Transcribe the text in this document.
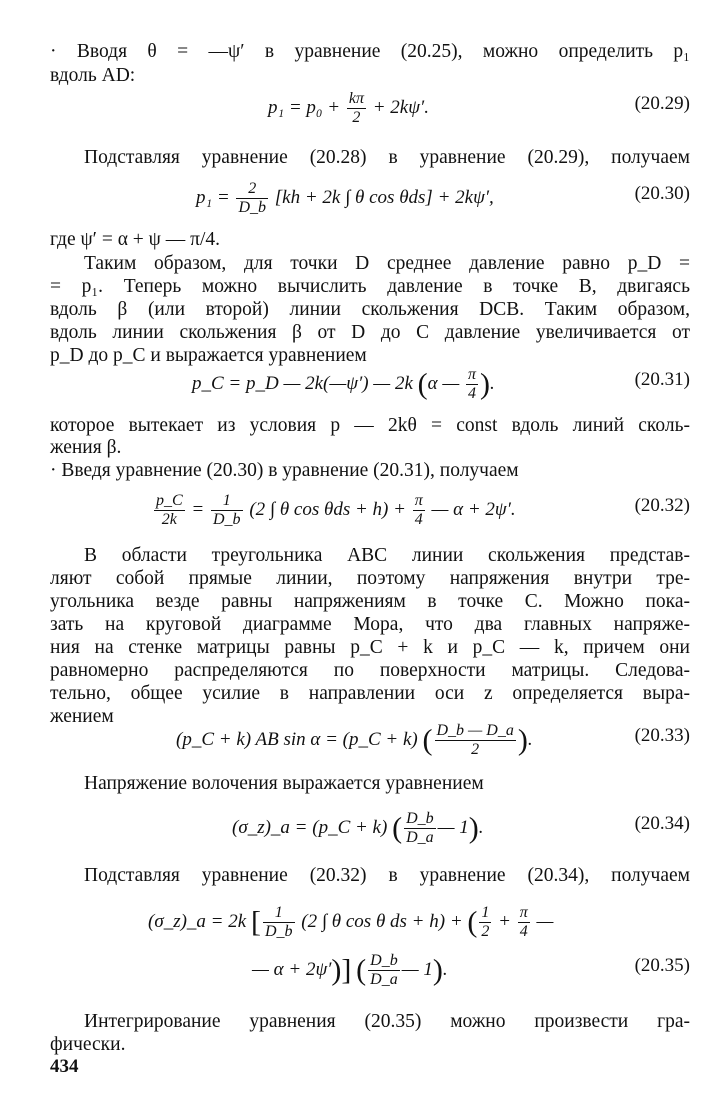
· Вводя θ = —ψ′ в уравнение (20.25), можно определить p₁
вдоль AD:
$p_1 = p_0 + \frac{k\pi}{2} + 2k\psi'$.	(20.29)
Подставляя уравнение (20.28) в уравнение (20.29), получаем
$p_1 = \frac{2}{D\_b} [kh + 2k$ ∫ θ cos θds] + 2kψ′,	(20.30)
где ψ′ = α + ψ — π/4.
Таким образом, для точки D среднее давление равно p_D =
= p₁. Теперь можно вычислить давление в точке B, двигаясь
вдоль β (или второй) линии скольжения DCB. Таким образом,
вдоль линии скольжения β от D до C давление увеличивается от
p_D до p_C и выражается уравнением
p_C = p_D — 2k(—ψ′) — 2k (α — $\frac{\pi}{4}$ ).	(20.31)
которое вытекает из условия p — 2kθ = const вдоль линий сколь-
жения β.
· Введя уравнение (20.30) в уравнение (20.31), получаем
$\frac{p\_C}{2k} = \frac{1}{D\_b} (2$ ∫ θ $\cos \theta ds + h) + \frac{\pi}{4}$ — α + 2ψ′.	(20.32)
В области треугольника ABC линии скольжения представ-
ляют собой прямые линии, поэтому напряжения внутри тре-
угольника везде равны напряжениям в точке C. Можно пока-
зать на круговой диаграмме Мора, что два главных напряже-
ния на стенке матрицы равны p_C + k и p_C — k, причем они
равномерно распределяются по поверхности матрицы. Следова-
тельно, общее усилие в направлении оси z определяется выра-
жением
(p_C + k) AB sin α = (p_C + k) ( $\frac{D\_b — D\_a}{2}$ ).	(20.33)
Напряжение волочения выражается уравнением
(σ_z)_a = (p_C + k) ( $\frac{D\_b}{D\_a}$ — 1).	(20.34)
Подставляя уравнение (20.32) в уравнение (20.34), получаем
(σ_z)_a = 2k [ $\frac{1}{D\_b} (2$ ∫ θ cos θ ds + h) + ( $\frac{1}{2} + \frac{\pi}{4}$ —
— α + 2ψ′)] ( $\frac{D\_b}{D\_a}$ — 1).	(20.35)
Интегрирование уравнения (20.35) можно произвести гра-
фически.
434
